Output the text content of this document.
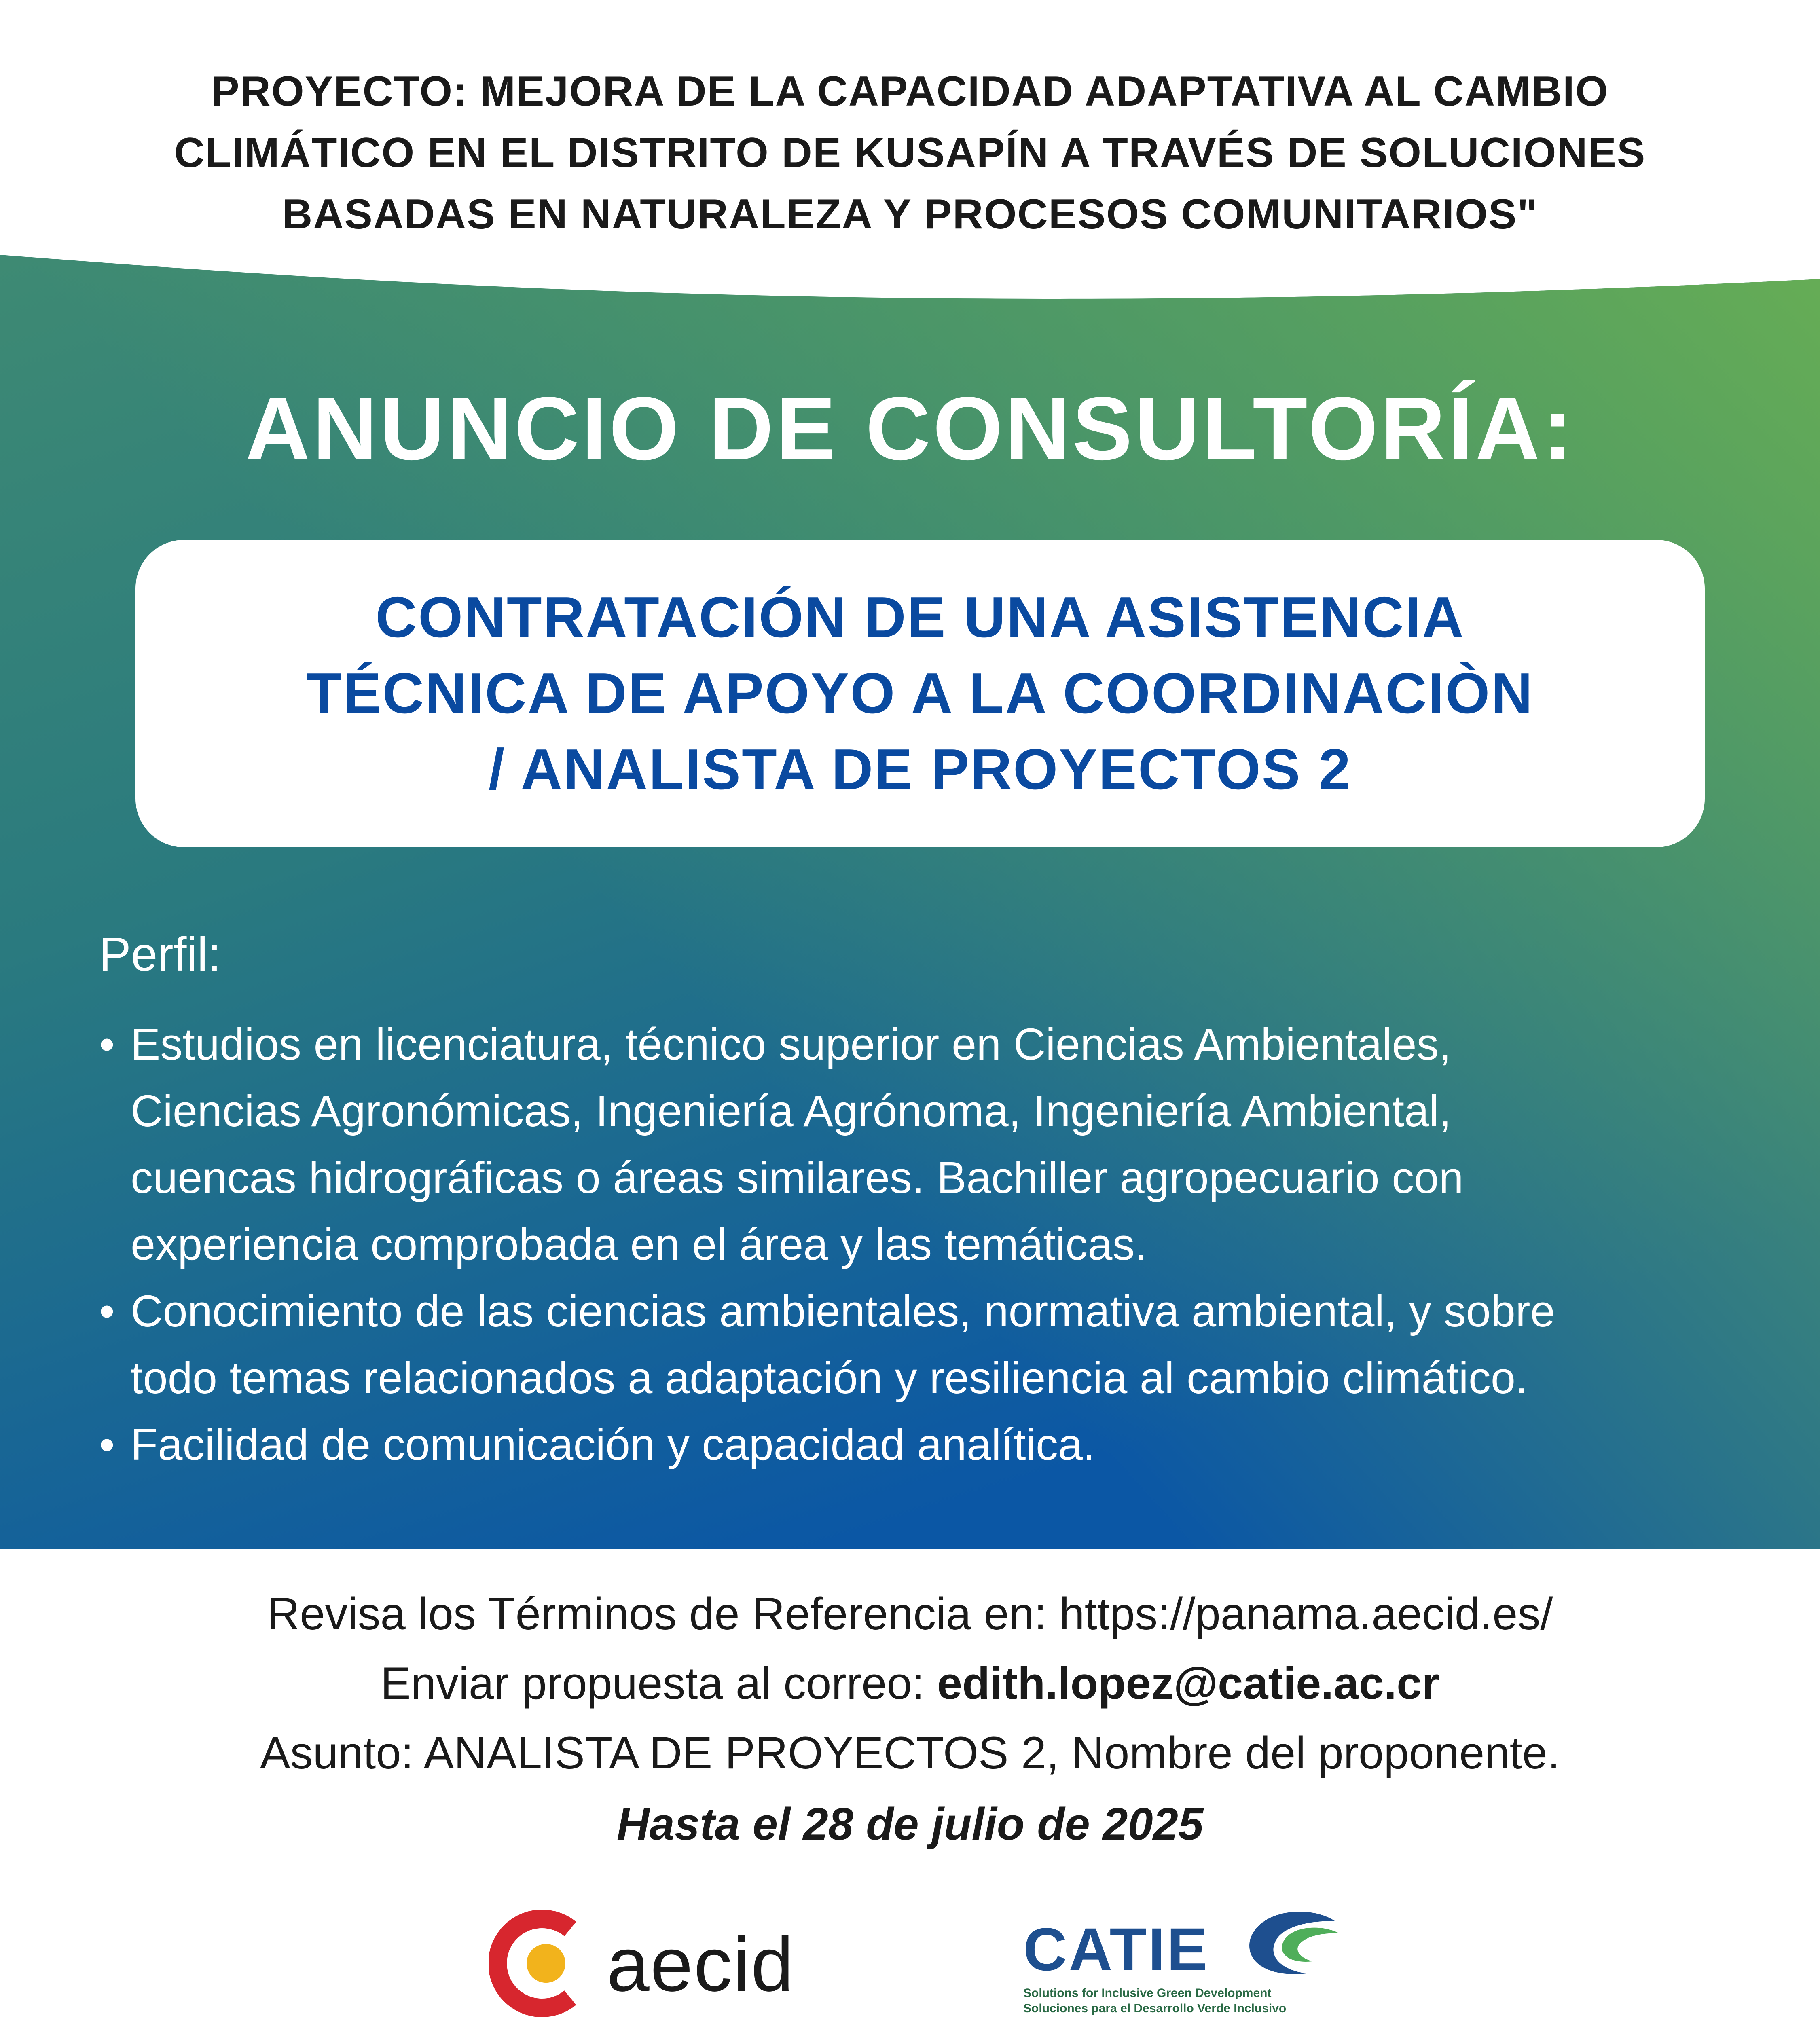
PROYECTO: MEJORA DE LA CAPACIDAD ADAPTATIVA AL CAMBIO
CLIMÁTICO EN EL DISTRITO DE KUSAPÍN A TRAVÉS DE SOLUCIONES
BASADAS EN NATURALEZA Y PROCESOS COMUNITARIOS"
ANUNCIO DE CONSULTORÍA:
CONTRATACIÓN DE UNA ASISTENCIA
TÉCNICA DE APOYO A LA COORDINACIÒN
/ ANALISTA DE PROYECTOS 2
Perfil:
• Estudios en licenciatura, técnico superior en Ciencias Ambientales,
Ciencias Agronómicas, Ingeniería Agrónoma, Ingeniería Ambiental,
cuencas hidrográficas o áreas similares. Bachiller agropecuario con
experiencia comprobada en el área y las temáticas.
• Conocimiento de las ciencias ambientales, normativa ambiental, y sobre
todo temas relacionados a adaptación y resiliencia al cambio climático.
• Facilidad de comunicación y capacidad analítica.
Revisa los Términos de Referencia en: https://panama.aecid.es/
Enviar propuesta al correo: edith.lopez@catie.ac.cr
Asunto: ANALISTA DE PROYECTOS 2, Nombre del proponente.
Hasta el 28 de julio de 2025
aecid	CATIE
Solutions for Inclusive Green Development
Soluciones para el Desarrollo Verde Inclusivo
